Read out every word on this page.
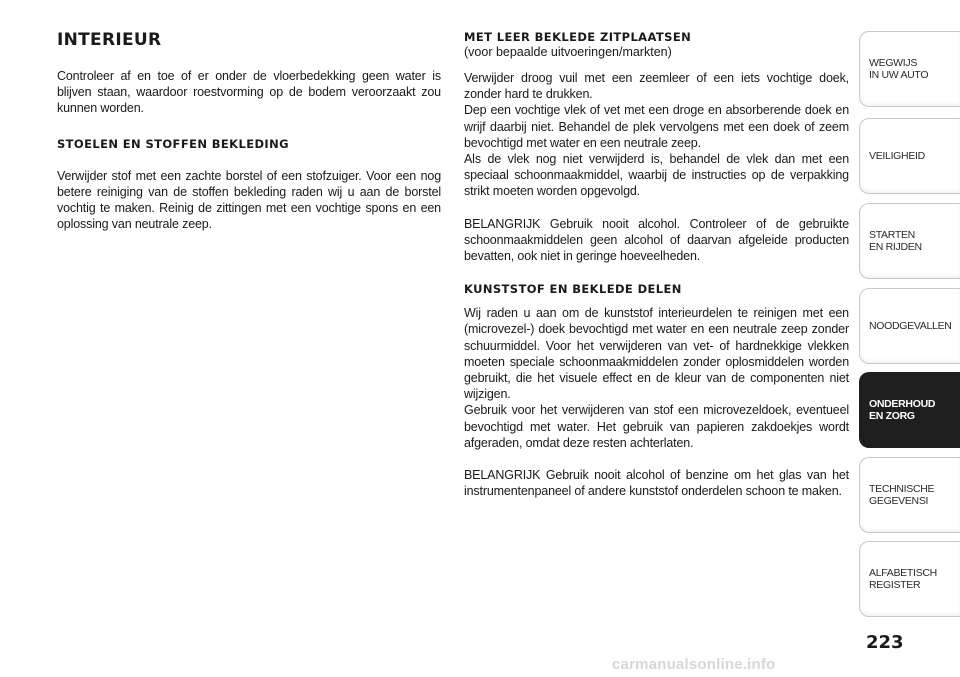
INTERIEUR
Controleer af en toe of er onder de vloerbedekking geen water is blijven staan, waardoor roestvorming op de bodem veroorzaakt zou kunnen worden.
STOELEN EN STOFFEN BEKLEDING
Verwijder stof met een zachte borstel of een stofzuiger. Voor een nog betere reiniging van de stoffen bekleding raden wij u aan de borstel vochtig te maken. Reinig de zittingen met een vochtige spons en een oplossing van neutrale zeep.
MET LEER BEKLEDE ZITPLAATSEN
(voor bepaalde uitvoeringen/markten)
Verwijder droog vuil met een zeemleer of een iets vochtige doek, zonder hard te drukken.
Dep een vochtige vlek of vet met een droge en absorberende doek en wrijf daarbij niet. Behandel de plek vervolgens met een doek of zeem bevochtigd met water en een neutrale zeep.
Als de vlek nog niet verwijderd is, behandel de vlek dan met een speciaal schoonmaakmiddel, waarbij de instructies op de verpakking strikt moeten worden opgevolgd.
BELANGRIJK Gebruik nooit alcohol. Controleer of de gebruikte schoonmaakmiddelen geen alcohol of daarvan afgeleide producten bevatten, ook niet in geringe hoeveelheden.
KUNSTSTOF EN BEKLEDE DELEN
Wij raden u aan om de kunststof interieurdelen te reinigen met een (microvezel-) doek bevochtigd met water en een neutrale zeep zonder schuurmiddel. Voor het verwijderen van vet- of hardnekkige vlekken moeten speciale schoonmaakmiddelen zonder oplosmiddelen worden gebruikt, die het visuele effect en de kleur van de componenten niet wijzigen.
Gebruik voor het verwijderen van stof een microvezeldoek, eventueel bevochtigd met water. Het gebruik van papieren zakdoekjes wordt afgeraden, omdat deze resten achterlaten.
BELANGRIJK Gebruik nooit alcohol of benzine om het glas van het instrumentenpaneel of andere kunststof onderdelen schoon te maken.
WEGWIJS
IN UW AUTO
VEILIGHEID
STARTEN
EN RIJDEN
NOODGEVALLEN
ONDERHOUD
EN ZORG
TECHNISCHE
GEGEVENSI
ALFABETISCH
REGISTER
223
carmanualsonline.info
